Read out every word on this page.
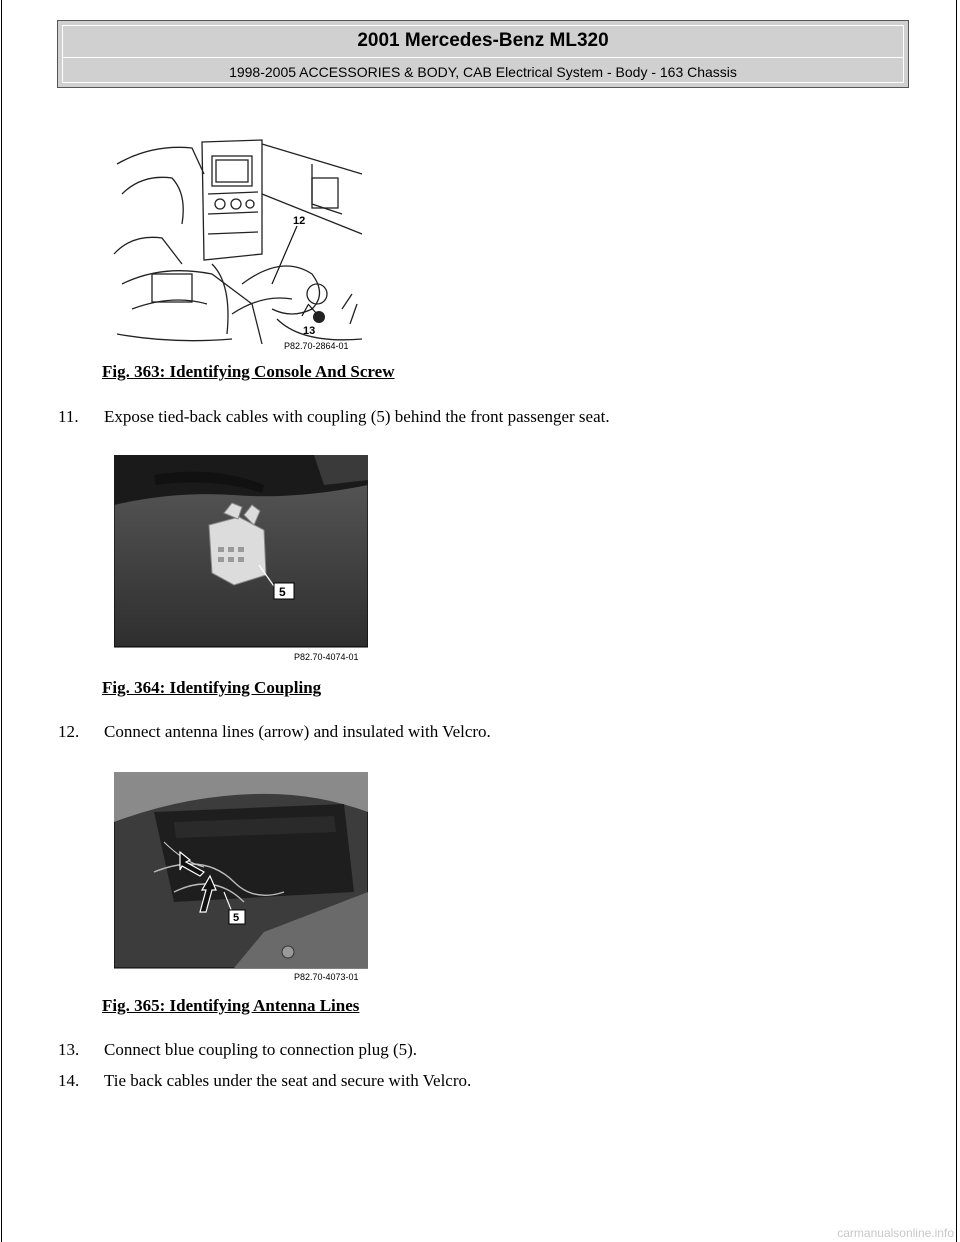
2001 Mercedes-Benz ML320
1998-2005 ACCESSORIES & BODY, CAB Electrical System - Body - 163 Chassis
12
13
P82.70-2864-01
Fig. 363: Identifying Console And Screw
11. Expose tied-back cables with coupling (5) behind the front passenger seat.
5
P82.70-4074-01
Fig. 364: Identifying Coupling
12. Connect antenna lines (arrow) and insulated with Velcro.
5
P82.70-4073-01
Fig. 365: Identifying Antenna Lines
13. Connect blue coupling to connection plug (5).
14. Tie back cables under the seat and secure with Velcro.
carmanualsonline.info
